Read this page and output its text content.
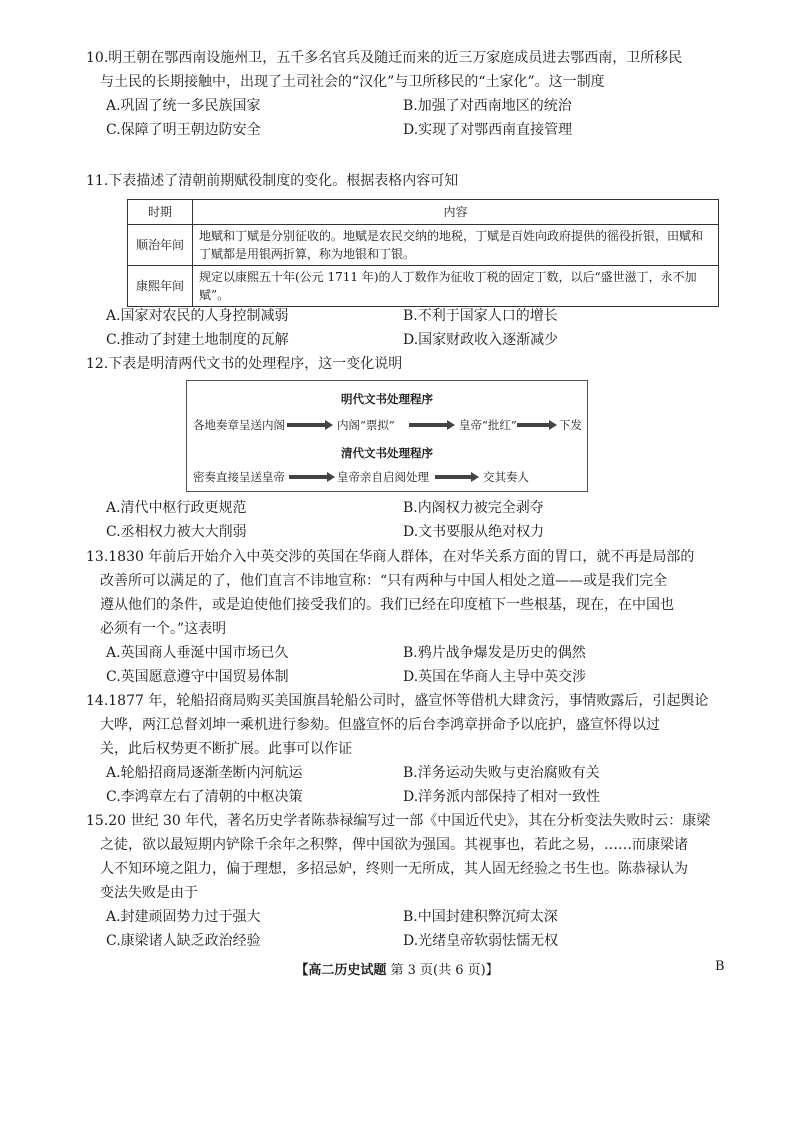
10.明王朝在鄂西南设施州卫，五千多名官兵及随迁而来的近三万家庭成员进去鄂西南，卫所移民
与土民的长期接触中，出现了土司社会的“汉化”与卫所移民的“土家化”。这一制度
A.巩固了统一多民族国家	B.加强了对西南地区的统治
C.保障了明王朝边防安全	D.实现了对鄂西南直接管理
11.下表描述了清朝前期赋役制度的变化。根据表格内容可知
时期	内容
顺治年间	地赋和丁赋是分别征收的。地赋是农民交纳的地税，丁赋是百姓向政府提供的徭役折银，田赋和丁赋都是用银两折算，称为地银和丁银。
康熙年间	规定以康熙五十年(公元 1711 年)的人丁数作为征收丁税的固定丁数，以后“盛世滋丁，永不加赋”。
A.国家对农民的人身控制减弱	B.不利于国家人口的增长
C.推动了封建土地制度的瓦解	D.国家财政收入逐渐减少
12.下表是明清两代文书的处理程序，这一变化说明
明代文书处理程序
各地奏章呈送内阁	内阁“票拟”	皇帝“批红”	下发
清代文书处理程序
密奏直接呈送皇帝	皇帝亲自启阅处理	交其奏人
A.清代中枢行政更规范	B.内阁权力被完全剥夺
C.丞相权力被大大削弱	D.文书要服从绝对权力
13.1830 年前后开始介入中英交涉的英国在华商人群体，在对华关系方面的胃口，就不再是局部的
改善所可以满足的了，他们直言不讳地宣称：“只有两种与中国人相处之道——或是我们完全
遵从他们的条件，或是迫使他们接受我们的。我们已经在印度植下一些根基，现在，在中国也
必须有一个。”这表明
A.英国商人垂涎中国市场已久	B.鸦片战争爆发是历史的偶然
C.英国愿意遵守中国贸易体制	D.英国在华商人主导中英交涉
14.1877 年，轮船招商局购买美国旗昌轮船公司时，盛宣怀等借机大肆贪污，事情败露后，引起舆论
大哗，两江总督刘坤一乘机进行参劾。但盛宣怀的后台李鸿章拼命予以庇护，盛宣怀得以过
关，此后权势更不断扩展。此事可以作证
A.轮船招商局逐渐垄断内河航运	B.洋务运动失败与吏治腐败有关
C.李鸿章左右了清朝的中枢决策	D.洋务派内部保持了相对一致性
15.20 世纪 30 年代，著名历史学者陈恭禄编写过一部《中国近代史》，其在分析变法失败时云：康梁
之徒，欲以最短期内铲除千余年之积弊，俾中国欲为强国。其视事也，若此之易，……而康梁诸
人不知环境之阻力，偏于理想，多招忌妒，终则一无所成，其人固无经验之书生也。陈恭禄认为
变法失败是由于
A.封建顽固势力过于强大	B.中国封建积弊沉疴太深
C.康梁诸人缺乏政治经验	D.光绪皇帝软弱怯懦无权
【高二历史试题 第 3 页(共 6 页)】	B
